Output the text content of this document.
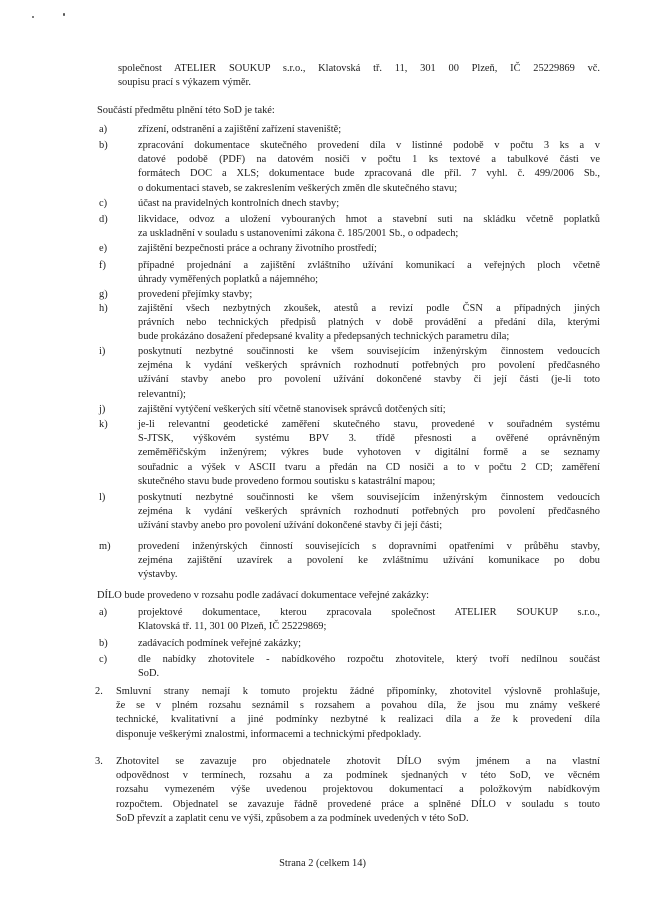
společnost ATELIER SOUKUP s.r.o., Klatovská tř. 11, 301 00 Plzeň, IČ 25229869 vč.
soupisu prací s výkazem výměr.
Součástí předmětu plnění této SoD je také:
a)	zřízení, odstranění a zajištění zařízení staveniště;
b)	zpracování dokumentace skutečného provedení díla v listinné podobě v počtu 3 ks a v
datové podobě (PDF) na datovém nosiči v počtu 1 ks textové a tabulkové části ve
formátech DOC a XLS; dokumentace bude zpracovaná dle příl. 7 vyhl. č. 499/2006 Sb.,
o dokumentaci staveb, se zakreslením veškerých změn dle skutečného stavu;
c)	účast na pravidelných kontrolních dnech stavby;
d)	likvidace, odvoz a uložení vybouraných hmot a stavební suti na skládku včetně poplatků
za uskladnění v souladu s ustanoveními zákona č. 185/2001 Sb., o odpadech;
e)	zajištění bezpečnosti práce a ochrany životního prostředí;
f)	případné projednání a zajištění zvláštního užívání komunikací a veřejných ploch včetně
úhrady vyměřených poplatků a nájemného;
g)	provedení přejímky stavby;
h)	zajištění všech nezbytných zkoušek, atestů a revizí podle ČSN a případných jiných
právních nebo technických předpisů platných v době provádění a předání díla, kterými
bude prokázáno dosažení předepsané kvality a předepsaných technických parametru díla;
i)	poskytnutí nezbytné součinnosti ke všem souvisejícím inženýrským činnostem vedoucích
zejména k vydání veškerých správních rozhodnutí potřebných pro povolení předčasného
užívání stavby anebo pro povolení užívání dokončené stavby či její části (je-li toto
relevantní);
j)	zajištění vytýčení veškerých sítí včetně stanovisek správců dotčených sítí;
k)	je-li relevantní geodetické zaměření skutečného stavu, provedené v souřadném systému
S-JTSK, výškovém systému BPV 3. třídě přesnosti a ověřené oprávněným
zeměměřičským inženýrem; výkres bude vyhotoven v digitální formě a se seznamy
souřadnic a výšek v ASCII tvaru a předán na CD nosiči a to v počtu 2 CD; zaměření
skutečného stavu bude provedeno formou soutisku s katastrální mapou;
l)	poskytnutí nezbytné součinnosti ke všem souvisejícím inženýrským činnostem vedoucích
zejména k vydání veškerých správních rozhodnutí potřebných pro povolení předčasného
užívání stavby anebo pro povolení užívání dokončené stavby či její části;
m)	provedení inženýrských činností souvisejících s dopravními opatřeními v průběhu stavby,
zejména zajištění uzavírek a povolení ke zvláštnímu užívání komunikace po dobu
výstavby.
DÍLO bude provedeno v rozsahu podle zadávací dokumentace veřejné zakázky:
a)	projektové dokumentace, kterou zpracovala společnost ATELIER SOUKUP s.r.o.,
Klatovská tř. 11, 301 00 Plzeň, IČ 25229869;
b)	zadávacích podmínek veřejné zakázky;
c)	dle nabídky zhotovitele - nabídkového rozpočtu zhotovitele, který tvoří nedílnou součást
SoD.
2. Smluvní strany nemají k tomuto projektu žádné připomínky, zhotovitel výslovně prohlašuje,
že se v plném rozsahu seznámil s rozsahem a povahou díla, že jsou mu známy veškeré
technické, kvalitativní a jiné podmínky nezbytné k realizaci díla a že k provedení díla
disponuje veškerými znalostmi, informacemi a technickými předpoklady.
3. Zhotovitel se zavazuje pro objednatele zhotovit DÍLO svým jménem a na vlastní
odpovědnost v termínech, rozsahu a za podmínek sjednaných v této SoD, ve věcném
rozsahu vymezeném výše uvedenou projektovou dokumentací a položkovým nabídkovým
rozpočtem. Objednatel se zavazuje řádně provedené práce a splněné DÍLO v souladu s touto
SoD převzít a zaplatit cenu ve výši, způsobem a za podmínek uvedených v této SoD.
Strana 2 (celkem 14)
